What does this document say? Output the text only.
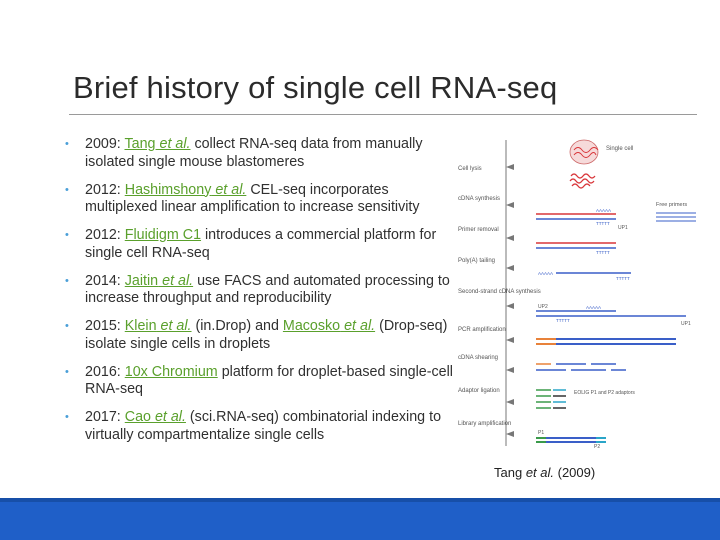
Brief history of single cell RNA-seq
• 2009: Tang et al. collect RNA-seq data from manually isolated single mouse blastomeres
• 2012: Hashimshony et al. CEL-seq incorporates multiplexed linear amplification to increase sensitivity
• 2012: Fluidigm C1 introduces a commercial platform for single cell RNA-seq
• 2014: Jaitin et al. use FACS and automated processing to increase throughput and reproducibility
• 2015: Klein et al. (in.Drop) and Macosko et al. (Drop-seq) isolate single cells in droplets
• 2016: 10x Chromium platform for droplet-based single-cell RNA-seq
• 2017: Cao et al. (sci.RNA-seq) combinatorial indexing to virtually compartmentalize single cells
Cell lysis
cDNA synthesis
Primer removal
Poly(A) tailing
Second-strand cDNA synthesis
PCR amplification
cDNA shearing
Adaptor ligation
Library amplification
Single cell
AAAAA
TTTTT
UP1
Free primers
TTTTT
AAAAA
TTTTT
UP2	AAAAA
TTTTT
UP1
EOLIG P1 and P2 adaptors
P1
P2
Tang et al. (2009)
